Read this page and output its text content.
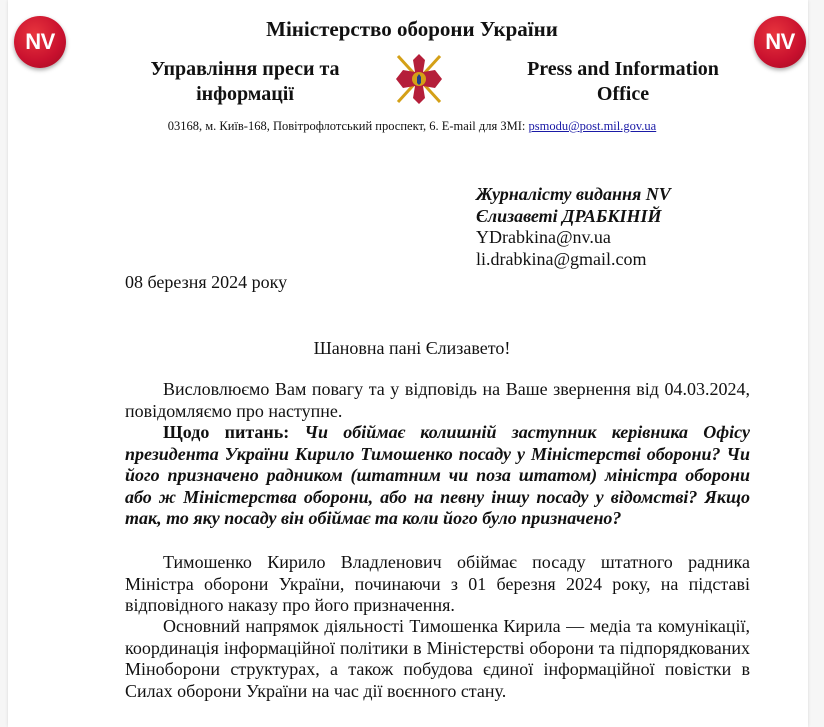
NV	NV
Міністерство оборони України
Управління преси та
інформації
Press and Information
Office
03168, м. Київ-168, Повітрофлотський проспект, 6. E-mail для ЗМІ: psmodu@post.mil.gov.ua
Журналісту видання NV
Єлизаветі ДРАБКІНІЙ
YDrabkina@nv.ua
li.drabkina@gmail.com
08 березня 2024 року
Шановна пані Єлизавето!
Висловлюємо Вам повагу та у відповідь на Ваше звернення від 04.03.2024, повідомляємо про наступне.
Щодо питань: Чи обіймає колишній заступник керівника Офісу президента України Кирило Тимошенко посаду у Міністерстві оборони? Чи його призначено радником (штатним чи поза штатом) міністра оборони або ж Міністерства оборони, або на певну іншу посаду у відомстві? Якщо так, то яку посаду він обіймає та коли його було призначено?
Тимошенко Кирило Владленович обіймає посаду штатного радника Міністра оборони України, починаючи з 01 березня 2024 року, на підставі відповідного наказу про його призначення.
Основний напрямок діяльності Тимошенка Кирила — медіа та комунікації, координація інформаційної політики в Міністерстві оборони та підпорядкованих Міноборони структурах, а також побудова єдиної інформаційної повістки в Силах оборони України на час дії воєнного стану.
